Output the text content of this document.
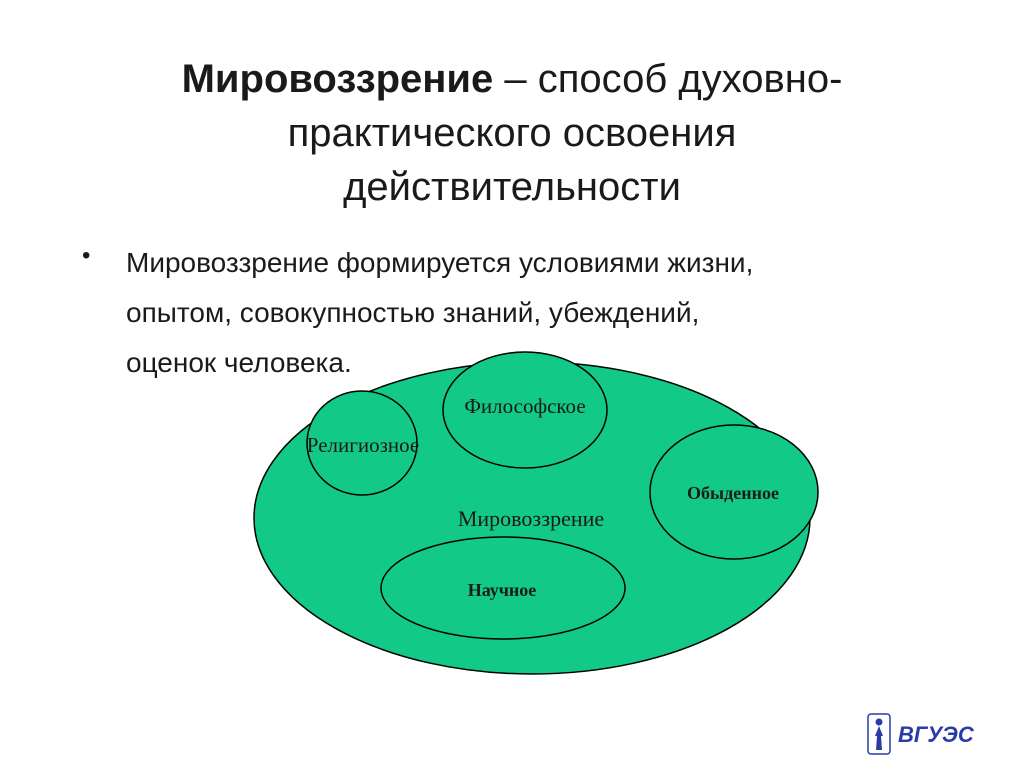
Мировоззрение – способ духовно-
практического освоения
действительности
• Мировоззрение формируется условиями жизни,
опытом, совокупностью знаний, убеждений,
оценок человека.
Религиозное
Философское
Мировоззрение
Обыденное
Научное
ВГУЭС
